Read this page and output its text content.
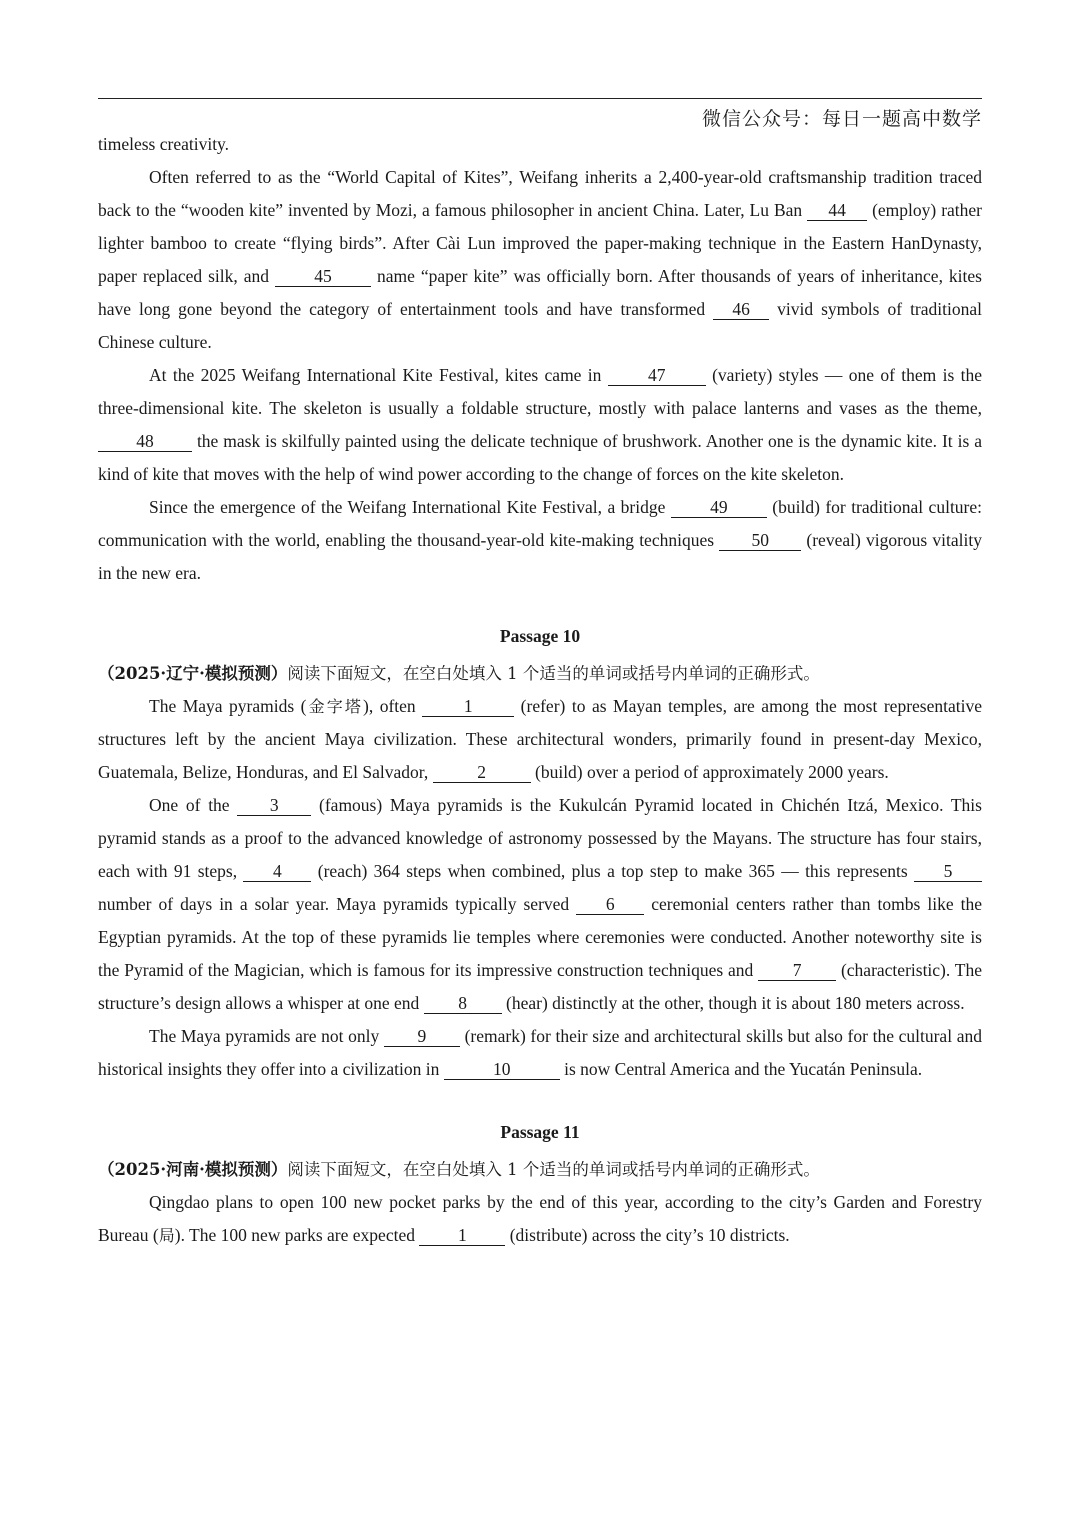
微信公众号：每日一题高中数学

timeless creativity.

Often referred to as the “World Capital of Kites”, Weifang inherits a 2,400-year-old craftsmanship tradition traced back to the “wooden kite” invented by Mozi, a famous philosopher in ancient China. Later, Lu Ban 44 (employ) rather lighter bamboo to create “flying birds”. After Cài Lun improved the paper-making technique in the Eastern HanDynasty, paper replaced silk, and 45 name “paper kite” was officially born. After thousands of years of inheritance, kites have long gone beyond the category of entertainment tools and have transformed 46 vivid symbols of traditional Chinese culture.

At the 2025 Weifang International Kite Festival, kites came in 47 (variety) styles — one of them is the three-dimensional kite. The skeleton is usually a foldable structure, mostly with palace lanterns and vases as the theme, 48 the mask is skilfully painted using the delicate technique of brushwork. Another one is the dynamic kite. It is a kind of kite that moves with the help of wind power according to the change of forces on the kite skeleton.

Since the emergence of the Weifang International Kite Festival, a bridge 49 (build) for traditional culture: communication with the world, enabling the thousand-year-old kite-making techniques 50 (reveal) vigorous vitality in the new era.

Passage 10

（2025·辽宁·模拟预测）阅读下面短文，在空白处填入 1 个适当的单词或括号内单词的正确形式。

The Maya pyramids (金字塔), often 1 (refer) to as Mayan temples, are among the most representative structures left by the ancient Maya civilization. These architectural wonders, primarily found in present-day Mexico, Guatemala, Belize, Honduras, and El Salvador,	2	(build) over a period of approximately 2000 years.

One of the 3 (famous) Maya pyramids is the Kukulcán Pyramid located in Chichén Itzá, Mexico. This pyramid stands as a proof to the advanced knowledge of astronomy possessed by the Mayans. The structure has four stairs, each with 91 steps, 4 (reach) 364 steps when combined, plus a top step to make 365 — this represents 5 number of days in a solar year. Maya pyramids typically served 6 ceremonial centers rather than tombs like the Egyptian pyramids. At the top of these pyramids lie temples where ceremonies were conducted. Another noteworthy site is the Pyramid of the Magician, which is famous for its impressive construction techniques and 7 (characteristic). The structure’s design allows a whisper at one end 8 (hear) distinctly at the other, though it is about 180 meters across.

The Maya pyramids are not only 9 (remark) for their size and architectural skills but also for the cultural and historical insights they offer into a civilization in	10	is now Central America and the Yucatán Peninsula.

Passage 11

（2025·河南·模拟预测）阅读下面短文，在空白处填入 1 个适当的单词或括号内单词的正确形式。

Qingdao plans to open 100 new pocket parks by the end of this year, according to the city’s Garden and Forestry Bureau (局). The 100 new parks are expected 1 (distribute) across the city’s 10 districts.
